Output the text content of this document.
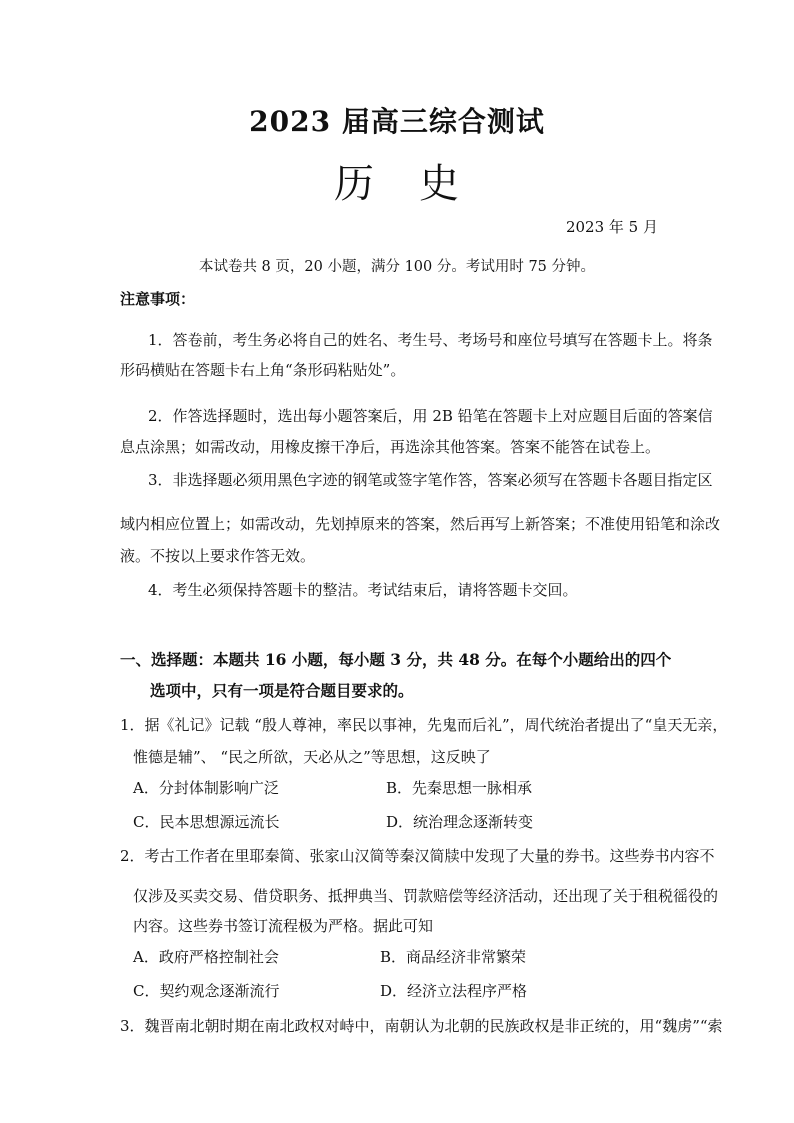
2023 届高三综合测试
历 史
2023 年 5 月
本试卷共 8 页，20 小题，满分 100 分。考试用时 75 分钟。
注意事项：
1．答卷前，考生务必将自己的姓名、考生号、考场号和座位号填写在答题卡上。将条
形码横贴在答题卡右上角“条形码粘贴处”。
2．作答选择题时，选出每小题答案后，用 2B 铅笔在答题卡上对应题目后面的答案信
息点涂黑；如需改动，用橡皮擦干净后，再选涂其他答案。答案不能答在试卷上。
3．非选择题必须用黑色字迹的钢笔或签字笔作答，答案必须写在答题卡各题目指定区
域内相应位置上；如需改动，先划掉原来的答案，然后再写上新答案；不准使用铅笔和涂改
液。不按以上要求作答无效。
4．考生必须保持答题卡的整洁。考试结束后，请将答题卡交回。
一、选择题：本题共 16 小题，每小题 3 分，共 48 分。在每个小题给出的四个
选项中，只有一项是符合题目要求的。
1．据《礼记》记载 “殷人尊神，率民以事神，先鬼而后礼”，周代统治者提出了“皇天无亲，
惟德是辅”、 “民之所欲，天必从之”等思想，这反映了
A．分封体制影响广泛	B．先秦思想一脉相承
C．民本思想源远流长	D．统治理念逐渐转变
2．考古工作者在里耶秦简、张家山汉简等秦汉简牍中发现了大量的券书。这些券书内容不
仅涉及买卖交易、借贷职务、抵押典当、罚款赔偿等经济活动，还出现了关于租税徭役的
内容。这些券书签订流程极为严格。据此可知
A．政府严格控制社会	B．商品经济非常繁荣
C．契约观念逐渐流行	D．经济立法程序严格
3．魏晋南北朝时期在南北政权对峙中，南朝认为北朝的民族政权是非正统的，用“魏虏”“索
